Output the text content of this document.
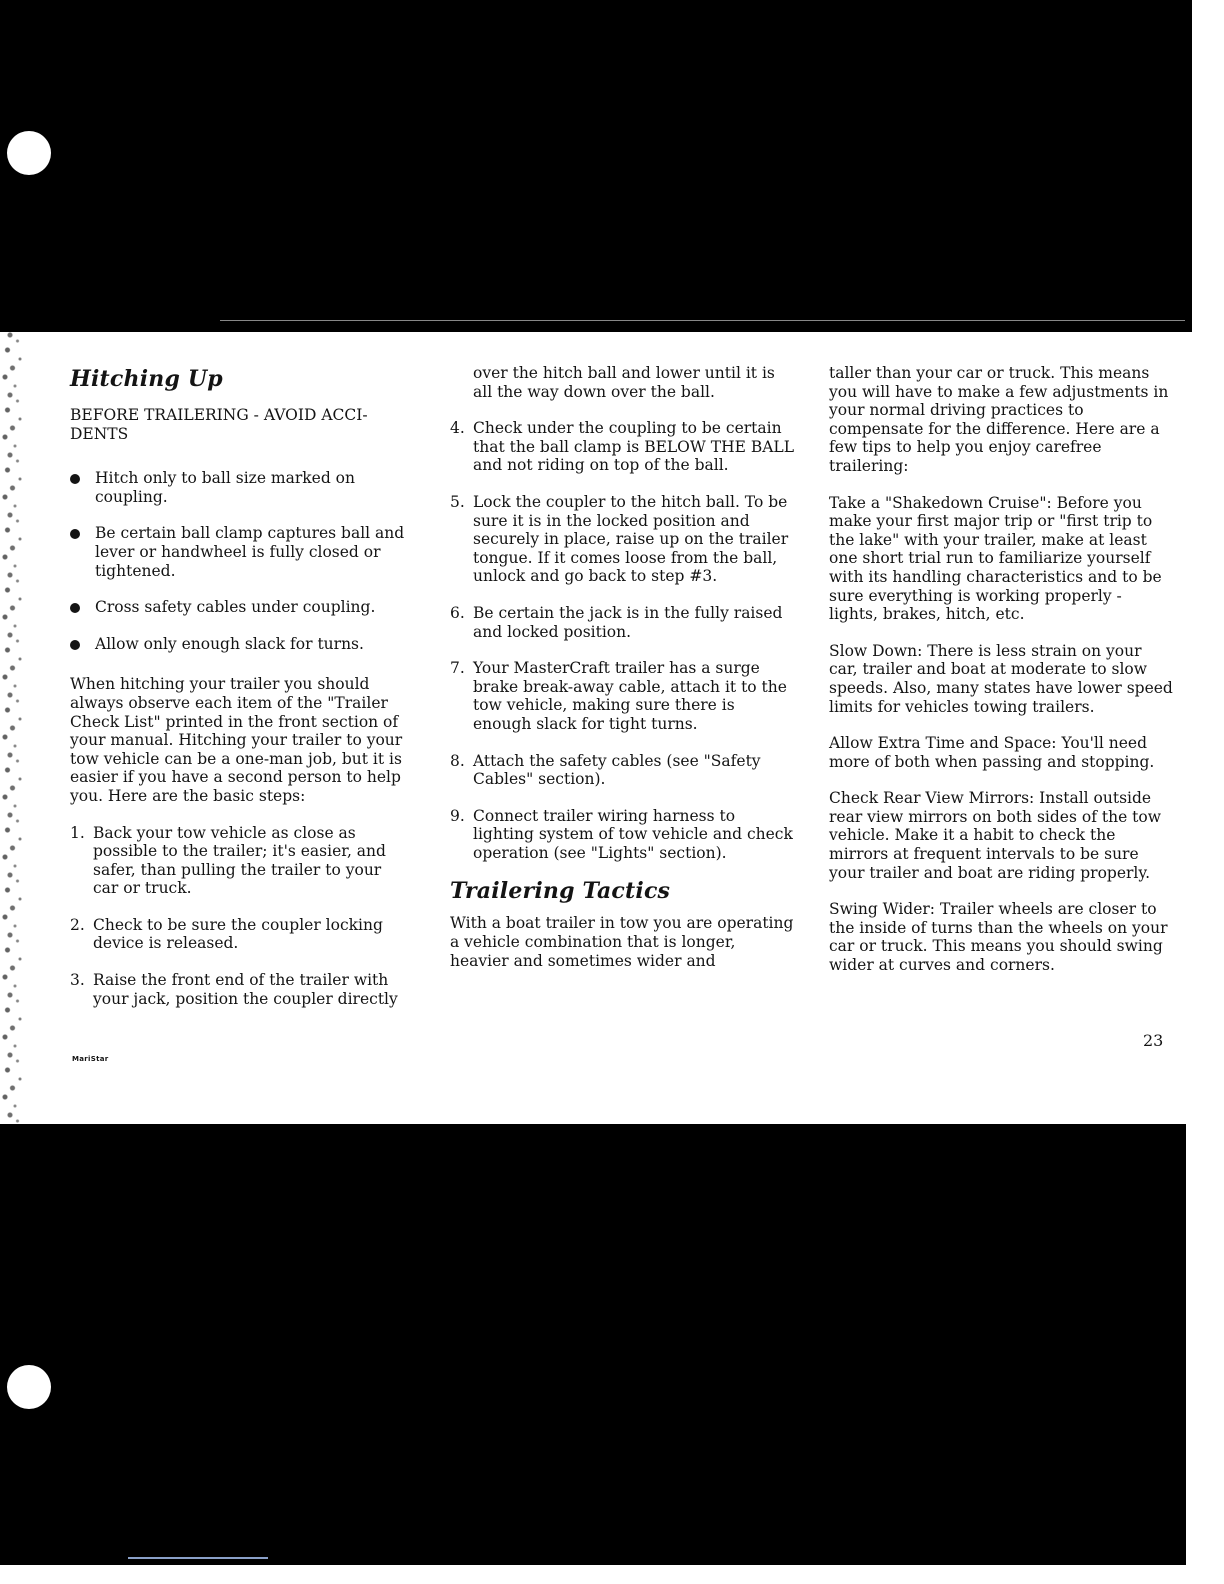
Hitching Up

BEFORE TRAILERING - AVOID ACCI- DENTS

Hitch only to ball size marked on coupling.

Be certain ball clamp captures ball and lever or handwheel is fully closed or tightened.

Cross safety cables under coupling.

Allow only enough slack for turns.

When hitching your trailer you should always observe each item of the "Trailer Check List" printed in the front section of your manual. Hitching your trailer to your tow vehicle can be a one-man job, but it is easier if you have a second person to help you. Here are the basic steps:

1. Back your tow vehicle as close as possible to the trailer; it's easier, and safer, than pulling the trailer to your car or truck.
2. Check to be sure the coupler locking device is released.
3. Raise the front end of the trailer with your jack, position the coupler directly

over the hitch ball and lower until it is all the way down over the ball.

4. Check under the coupling to be certain that the ball clamp is BELOW THE BALL and not riding on top of the ball.
5. Lock the coupler to the hitch ball. To be sure it is in the locked position and securely in place, raise up on the trailer tongue. If it comes loose from the ball, unlock and go back to step #3.
6. Be certain the jack is in the fully raised and locked position.
7. Your MasterCraft trailer has a surge brake break-away cable, attach it to the tow vehicle, making sure there is enough slack for tight turns.
8. Attach the safety cables (see "Safety Cables" section).
9. Connect trailer wiring harness to lighting system of tow vehicle and check operation (see "Lights" section).
Trailering Tactics

With a boat trailer in tow you are operating a vehicle combination that is longer, heavier and sometimes wider and

taller than your car or truck. This means you will have to make a few adjustments in your normal driving practices to compensate for the difference. Here are a few tips to help you enjoy carefree trailering:

Take a "Shakedown Cruise": Before you make your first major trip or "first trip to the lake" with your trailer, make at least one short trial run to familiarize yourself with its handling characteristics and to be sure everything is working properly - lights, brakes, hitch, etc.

Slow Down: There is less strain on your car, trailer and boat at moderate to slow speeds. Also, many states have lower speed limits for vehicles towing trailers.

Allow Extra Time and Space: You'll need more of both when passing and stopping.

Check Rear View Mirrors: Install outside rear view mirrors on both sides of the tow vehicle. Make it a habit to check the mirrors at frequent intervals to be sure your trailer and boat are riding properly.

Swing Wider: Trailer wheels are closer to the inside of turns than the wheels on your car or truck. This means you should swing wider at curves and corners.

23
MariStar
